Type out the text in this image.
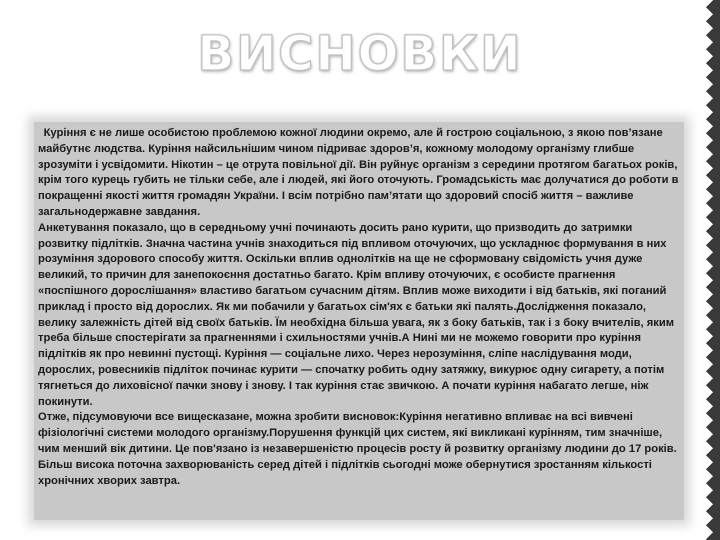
ВИСНОВКИ

Куріння є не лише особистою проблемою кожної людини окремо, але й гострою соціальною, з якою пов’язане майбутнє людства. Куріння найсильнішим чином підриває здоров’я, кожному молодому організму глибше зрозуміти і усвідомити. Нікотин – це отрута повільної дії. Він руйнує організм з середини протягом багатьох років, крім того курець губить не тільки себе, але і людей, які його оточують. Громадськість має долучатися до роботи в покращенні якості життя громадян України. І всім потрібно пам’ятати що здоровий спосіб життя – важливе загальнодержавне завдання.

Анкетування показало, що в середньому учні починають досить рано курити, що призводить до затримки розвитку підлітків. Значна частина учнів знаходиться під впливом оточуючих, що ускладнює формування в них розуміння здорового способу життя. Оскільки вплив однолітків на ще не сформовану свідомість учня дуже великий, то причин для занепокоєння достатньо багато. Крім впливу оточуючих, є особисте прагнення «поспішного дорослішання» властиво багатьом сучасним дітям. Вплив може виходити і від батьків, які поганий приклад і просто від дорослих. Як ми побачили у багатьох сім'ях є батьки які палять.Дослідження показало, велику залежність дітей від своїх батьків. Їм необхідна більша увага, як з боку батьків, так і з боку вчителів, яким треба більше спостерігати за прагненнями і схильностями учнів.А Нині ми не можемо говорити про куріння підлітків як про невинні пустощі. Куріння — соціальне лихо. Через нерозуміння, сліпе наслідування моди, дорослих, ровесників підліток починає курити — спочатку робить одну затяжку, викурює одну сигарету, а потім тягнеться до лиховісної пачки знову і знову. І так куріння стає звичкою. А почати куріння набагато легше, ніж покинути.

Отже, підсумовуючи все вищесказане, можна зробити висновок:Куріння негативно впливає на всі вивчені фізіологічні системи молодого організму.Порушення функцій цих систем, які викликані курінням, тим значніше, чим менший вік дитини. Це пов'язано із незавершеністю процесів росту й розвитку організму людини до 17 років. Більш висока поточна захворюваність серед дітей і підлітків сьогодні може обернутися зростанням кількості хронічних хворих завтра.
